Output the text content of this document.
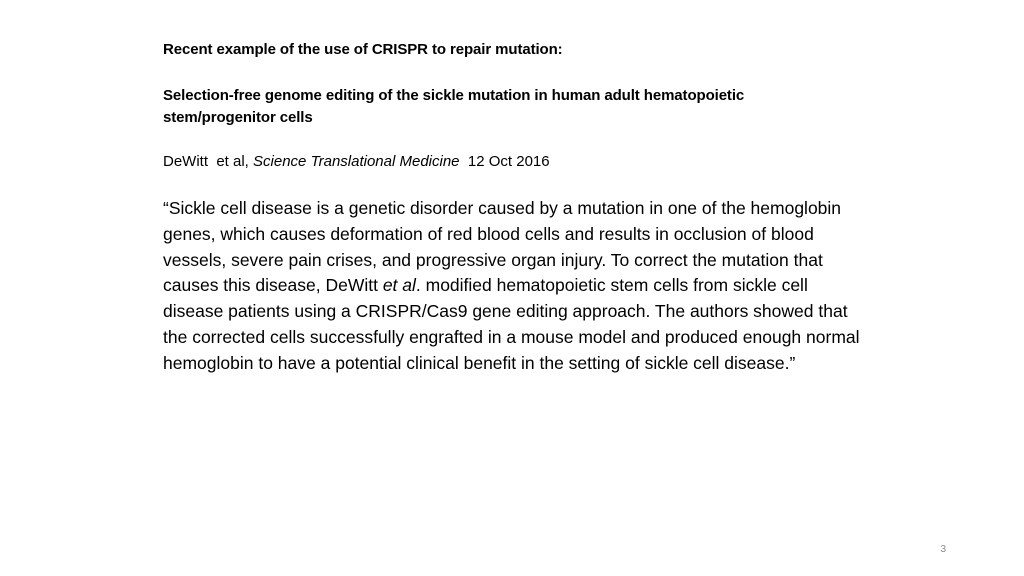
Recent example of the use of CRISPR to repair mutation:

Selection-free genome editing of the sickle mutation in human adult hematopoietic stem/progenitor cells

DeWitt  et al, Science Translational Medicine  12 Oct 2016

“Sickle cell disease is a genetic disorder caused by a mutation in one of the hemoglobin genes, which causes deformation of red blood cells and results in occlusion of blood vessels, severe pain crises, and progressive organ injury. To correct the mutation that causes this disease, DeWitt et al. modified hematopoietic stem cells from sickle cell disease patients using a CRISPR/Cas9 gene editing approach. The authors showed that the corrected cells successfully engrafted in a mouse model and produced enough normal hemoglobin to have a potential clinical benefit in the setting of sickle cell disease.”

3
